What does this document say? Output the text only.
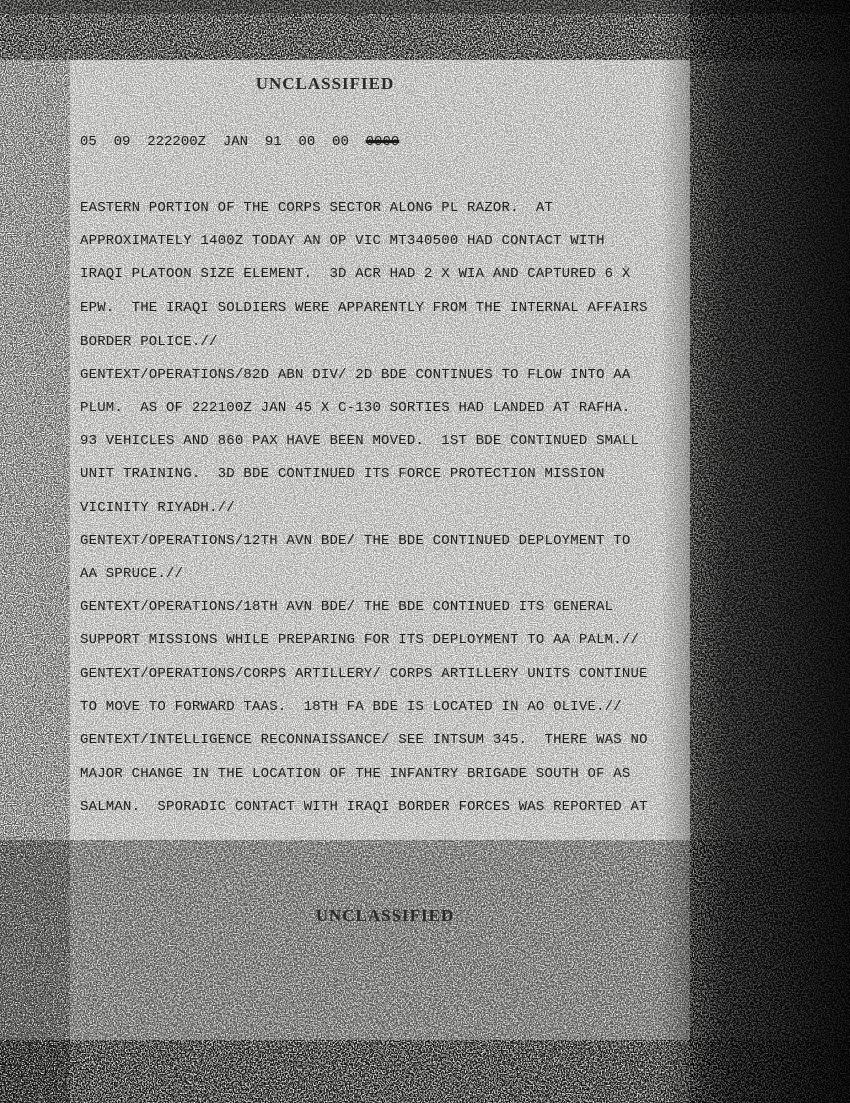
UNCLASSIFIED
05  09  222200Z  JAN  91  00  00 0000
EASTERN PORTION OF THE CORPS SECTOR ALONG PL RAZOR.  AT
APPROXIMATELY 1400Z TODAY AN OP VIC MT340500 HAD CONTACT WITH
IRAQI PLATOON SIZE ELEMENT.  3D ACR HAD 2 X WIA AND CAPTURED 6 X
EPW.  THE IRAQI SOLDIERS WERE APPARENTLY FROM THE INTERNAL AFFAIRS
BORDER POLICE.//
GENTEXT/OPERATIONS/82D ABN DIV/ 2D BDE CONTINUES TO FLOW INTO AA
PLUM.  AS OF 222100Z JAN 45 X C-130 SORTIES HAD LANDED AT RAFHA.
93 VEHICLES AND 860 PAX HAVE BEEN MOVED.  1ST BDE CONTINUED SMALL
UNIT TRAINING.  3D BDE CONTINUED ITS FORCE PROTECTION MISSION
VICINITY RIYADH.//
GENTEXT/OPERATIONS/12TH AVN BDE/ THE BDE CONTINUED DEPLOYMENT TO
AA SPRUCE.//
GENTEXT/OPERATIONS/18TH AVN BDE/ THE BDE CONTINUED ITS GENERAL
SUPPORT MISSIONS WHILE PREPARING FOR ITS DEPLOYMENT TO AA PALM.//
GENTEXT/OPERATIONS/CORPS ARTILLERY/ CORPS ARTILLERY UNITS CONTINUE
TO MOVE TO FORWARD TAAS.  18TH FA BDE IS LOCATED IN AO OLIVE.//
GENTEXT/INTELLIGENCE RECONNAISSANCE/ SEE INTSUM 345.  THERE WAS NO
MAJOR CHANGE IN THE LOCATION OF THE INFANTRY BRIGADE SOUTH OF AS
SALMAN.  SPORADIC CONTACT WITH IRAQI BORDER FORCES WAS REPORTED AT
UNCLASSIFIED
